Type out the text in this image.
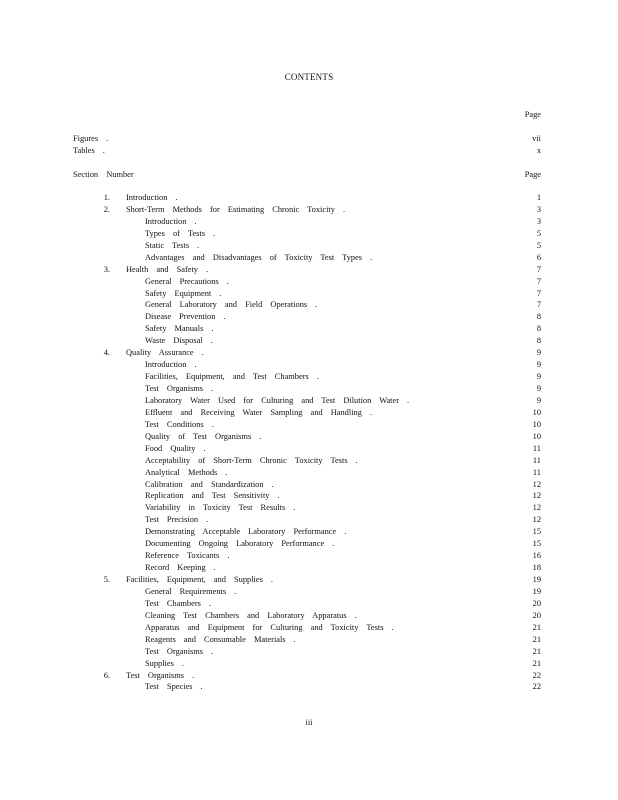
CONTENTS
Page
Figures .	vii
Tables .	x
Section Number	Page
1. Introduction .	1
2. Short-Term Methods for Estimating Chronic Toxicity .	3
Introduction .	3
Types of Tests .	5
Static Tests .	5
Advantages and Disadvantages of Toxicity Test Types .	6
3. Health and Safety .	7
General Precautions .	7
Safety Equipment .	7
General Laboratory and Field Operations .	7
Disease Prevention .	8
Safety Manuals .	8
Waste Disposal .	8
4. Quality Assurance .	9
Introduction .	9
Facilities, Equipment, and Test Chambers .	9
Test Organisms .	9
Laboratory Water Used for Culturing and Test Dilution Water .	9
Effluent and Receiving Water Sampling and Handling .	10
Test Conditions .	10
Quality of Test Organisms .	10
Food Quality .	11
Acceptability of Short-Term Chronic Toxicity Tests .	11
Analytical Methods .	11
Calibration and Standardization .	12
Replication and Test Sensitivity .	12
Variability in Toxicity Test Results .	12
Test Precision .	12
Demonstrating Acceptable Laboratory Performance .	15
Documenting Ongoing Laboratory Performance .	15
Reference Toxicants .	16
Record Keeping .	18
5. Facilities, Equipment, and Supplies .	19
General Requirements .	19
Test Chambers .	20
Cleaning Test Chambers and Laboratory Apparatus .	20
Apparatus and Equipment for Culturing and Toxicity Tests .	21
Reagents and Consumable Materials .	21
Test Organisms .	21
Supplies .	21
6. Test Organisms .	22
Test Species .	22
iii
